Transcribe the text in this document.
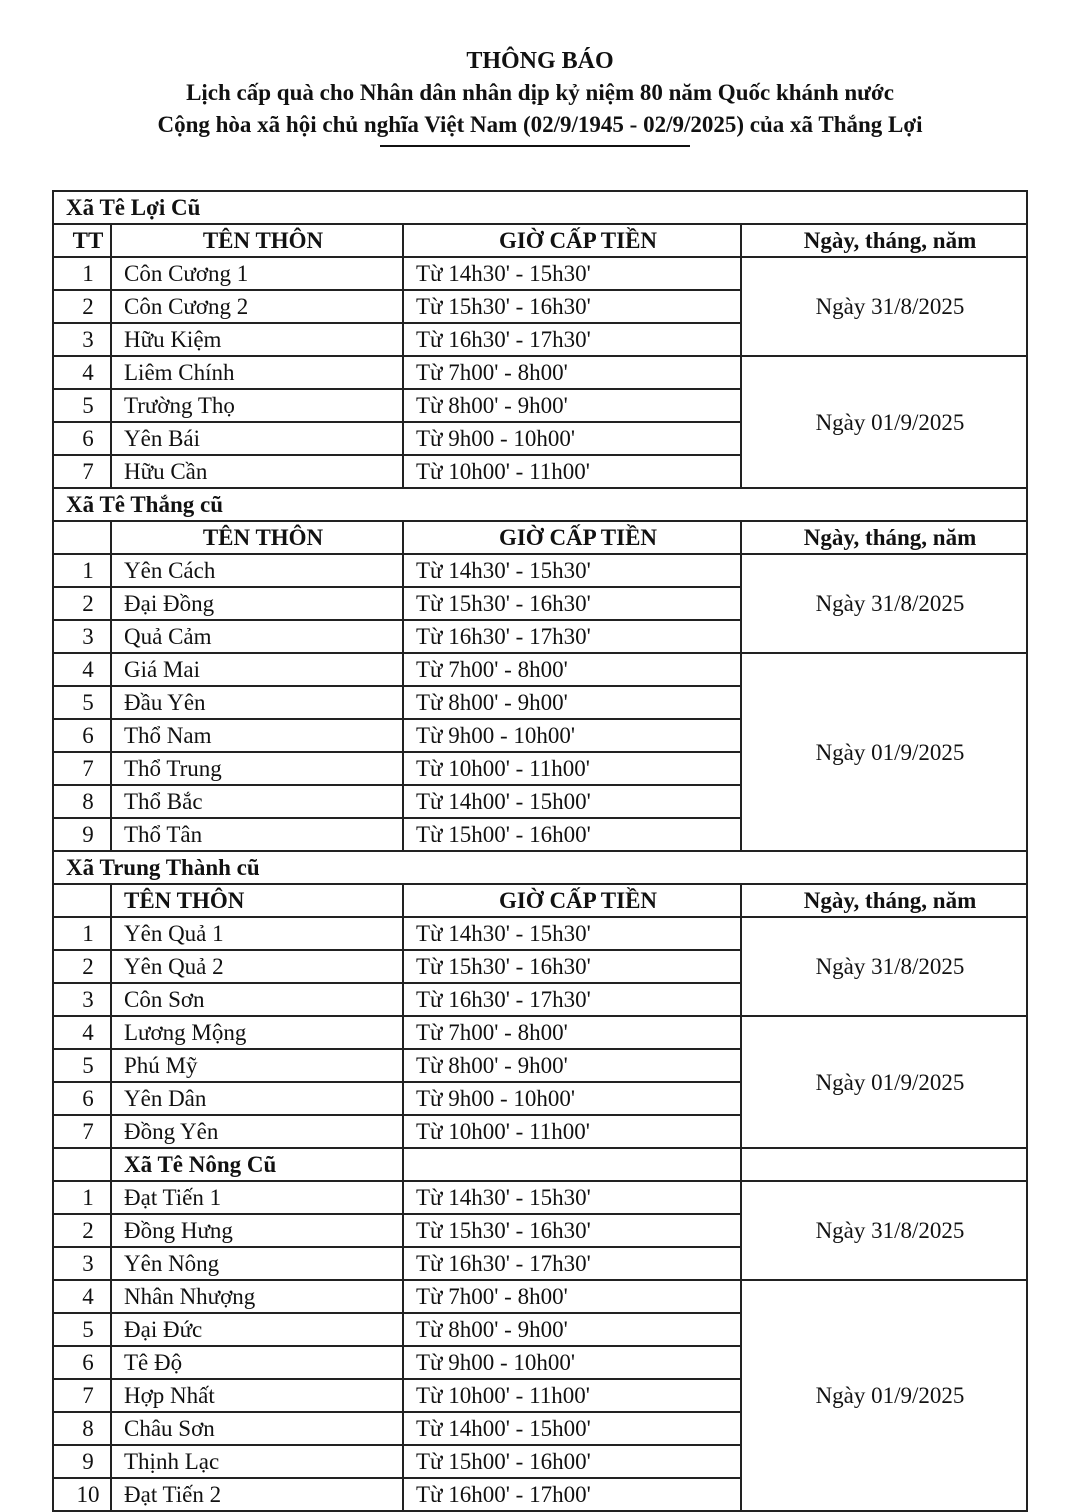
THÔNG BÁO
Lịch cấp quà cho Nhân dân nhân dịp kỷ niệm 80 năm Quốc khánh nước
Cộng hòa xã hội chủ nghĩa Việt Nam (02/9/1945 - 02/9/2025) của xã Thắng Lợi
Xã Tê Lợi Cũ			
TT	TÊN THÔN	GIỜ CẤP TIỀN	Ngày, tháng, năm
1	Côn Cương 1	Từ 14h30' - 15h30'	Ngày 31/8/2025
2	Côn Cương 2	Từ 15h30' - 16h30'	
3	Hữu Kiệm	Từ 16h30' - 17h30'	
4	Liêm Chính	Từ 7h00' - 8h00'	Ngày 01/9/2025
5	Trường Thọ	Từ 8h00' - 9h00'	
6	Yên Bái	Từ 9h00 - 10h00'	
7	Hữu Cần	Từ 10h00' - 11h00'	
Xã Tê Thắng cũ			
	TÊN THÔN	GIỜ CẤP TIỀN	Ngày, tháng, năm
1	Yên Cách	Từ 14h30' - 15h30'	Ngày 31/8/2025
2	Đại Đồng	Từ 15h30' - 16h30'	
3	Quả Cảm	Từ 16h30' - 17h30'	
4	Giá Mai	Từ 7h00' - 8h00'	Ngày 01/9/2025
5	Đầu Yên	Từ 8h00' - 9h00'	
6	Thổ Nam	Từ 9h00 - 10h00'	
7	Thổ Trung	Từ 10h00' - 11h00'	
8	Thổ Bắc	Từ 14h00' - 15h00'	
9	Thổ Tân	Từ 15h00' - 16h00'	
Xã Trung Thành cũ			
	TÊN THÔN	GIỜ CẤP TIỀN	Ngày, tháng, năm
1	Yên Quả 1	Từ 14h30' - 15h30'	Ngày 31/8/2025
2	Yên Quả 2	Từ 15h30' - 16h30'	
3	Côn Sơn	Từ 16h30' - 17h30'	
4	Lương Mộng	Từ 7h00' - 8h00'	Ngày 01/9/2025
5	Phú Mỹ	Từ 8h00' - 9h00'	
6	Yên Dân	Từ 9h00 - 10h00'	
7	Đồng Yên	Từ 10h00' - 11h00'	
	Xã Tê Nông Cũ		
1	Đạt Tiến 1	Từ 14h30' - 15h30'	Ngày 31/8/2025
2	Đồng Hưng	Từ 15h30' - 16h30'	
3	Yên Nông	Từ 16h30' - 17h30'	
4	Nhân Nhượng	Từ 7h00' - 8h00'	Ngày 01/9/2025
5	Đại Đức	Từ 8h00' - 9h00'	
6	Tê Độ	Từ 9h00 - 10h00'	
7	Hợp Nhất	Từ 10h00' - 11h00'	
8	Châu Sơn	Từ 14h00' - 15h00'	
9	Thịnh Lạc	Từ 15h00' - 16h00'	
10	Đạt Tiến 2	Từ 16h00' - 17h00'	
